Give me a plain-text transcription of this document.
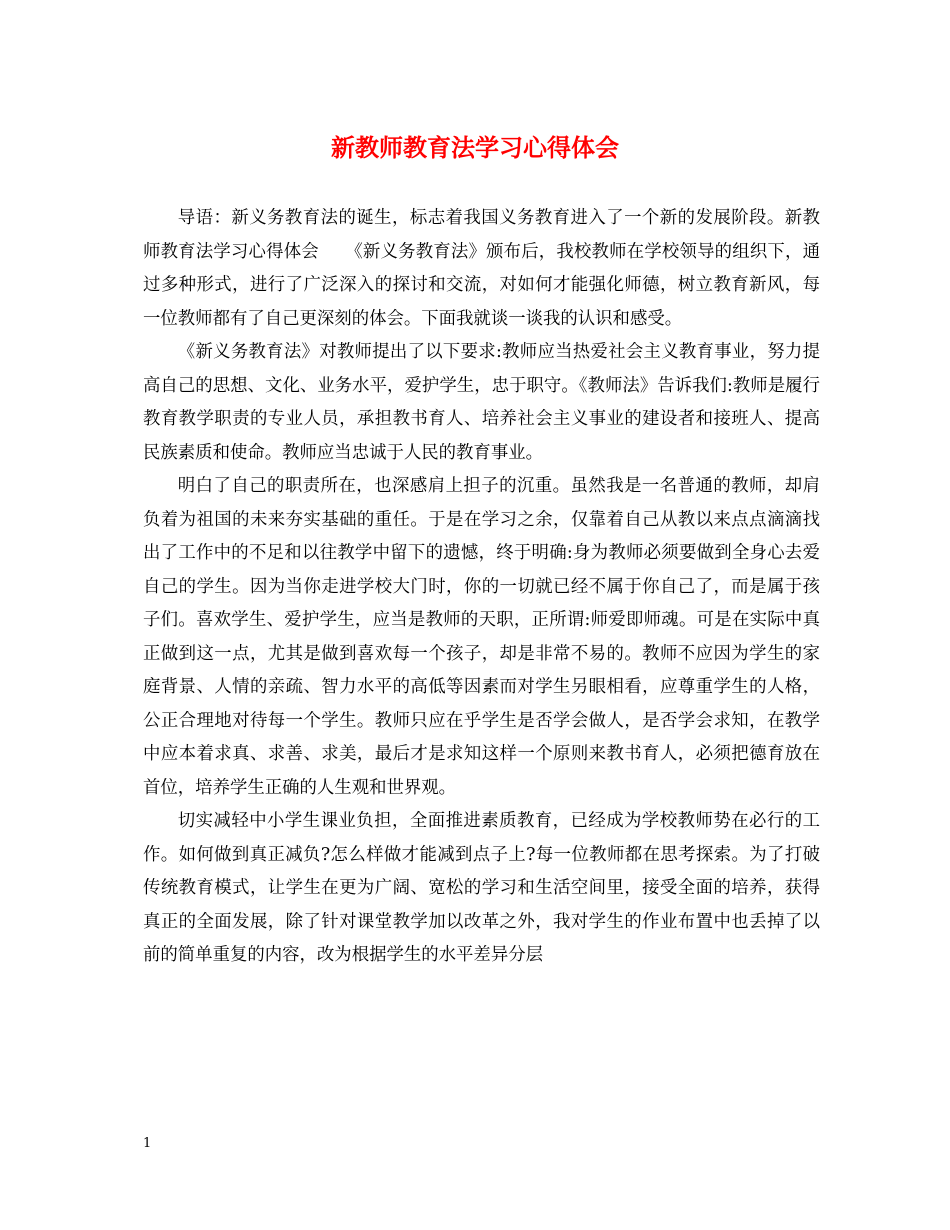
新教师教育法学习心得体会

导语：新义务教育法的诞生，标志着我国义务教育进入了一个新的发展阶段。新教师教育法学习心得体会　　《新义务教育法》颁布后，我校教师在学校领导的组织下，通过多种形式，进行了广泛深入的探讨和交流，对如何才能强化师德，树立教育新风，每一位教师都有了自己更深刻的体会。下面我就谈一谈我的认识和感受。

《新义务教育法》对教师提出了以下要求:教师应当热爱社会主义教育事业，努力提高自己的思想、文化、业务水平，爱护学生，忠于职守。《教师法》告诉我们:教师是履行教育教学职责的专业人员，承担教书育人、培养社会主义事业的建设者和接班人、提高民族素质和使命。教师应当忠诚于人民的教育事业。

明白了自己的职责所在，也深感肩上担子的沉重。虽然我是一名普通的教师，却肩负着为祖国的未来夯实基础的重任。于是在学习之余，仅靠着自己从教以来点点滴滴找出了工作中的不足和以往教学中留下的遗憾，终于明确:身为教师必须要做到全身心去爱自己的学生。因为当你走进学校大门时，你的一切就已经不属于你自己了，而是属于孩子们。喜欢学生、爱护学生，应当是教师的天职，正所谓:师爱即师魂。可是在实际中真正做到这一点，尤其是做到喜欢每一个孩子，却是非常不易的。教师不应因为学生的家庭背景、人情的亲疏、智力水平的高低等因素而对学生另眼相看，应尊重学生的人格，公正合理地对待每一个学生。教师只应在乎学生是否学会做人，是否学会求知，在教学中应本着求真、求善、求美，最后才是求知这样一个原则来教书育人，必须把德育放在首位，培养学生正确的人生观和世界观。

切实减轻中小学生课业负担，全面推进素质教育，已经成为学校教师势在必行的工作。如何做到真正减负?怎么样做才能减到点子上?每一位教师都在思考探索。为了打破传统教育模式，让学生在更为广阔、宽松的学习和生活空间里，接受全面的培养，获得真正的全面发展，除了针对课堂教学加以改革之外，我对学生的作业布置中也丢掉了以前的简单重复的内容，改为根据学生的水平差异分层

1
